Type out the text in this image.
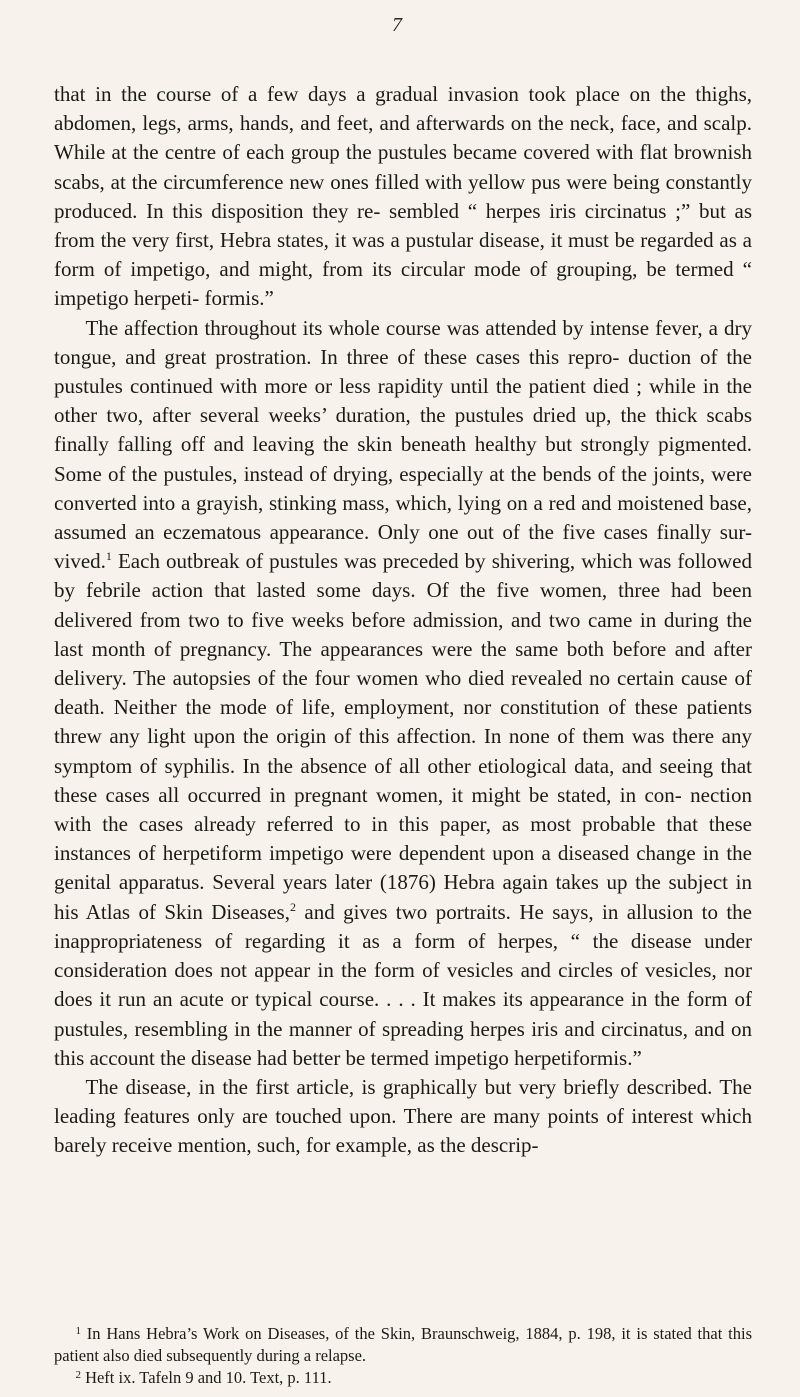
7

that in the course of a few days a gradual invasion took place on the thighs, abdomen, legs, arms, hands, and feet, and afterwards on the neck, face, and scalp. While at the centre of each group the pustules became covered with flat brownish scabs, at the circumference new ones filled with yellow pus were being constantly produced. In this disposition they re- sembled “ herpes iris circinatus ;” but as from the very first, Hebra states, it was a pustular disease, it must be regarded as a form of impetigo, and might, from its circular mode of grouping, be termed “ impetigo herpeti- formis.”

The affection throughout its whole course was attended by intense fever, a dry tongue, and great prostration. In three of these cases this repro- duction of the pustules continued with more or less rapidity until the patient died ; while in the other two, after several weeks’ duration, the pustules dried up, the thick scabs finally falling off and leaving the skin beneath healthy but strongly pigmented. Some of the pustules, instead of drying, especially at the bends of the joints, were converted into a grayish, stinking mass, which, lying on a red and moistened base, assumed an eczematous appearance. Only one out of the five cases finally sur- vived.$^1$ Each outbreak of pustules was preceded by shivering, which was followed by febrile action that lasted some days. Of the five women, three had been delivered from two to five weeks before admission, and two came in during the last month of pregnancy. The appearances were the same both before and after delivery. The autopsies of the four women who died revealed no certain cause of death. Neither the mode of life, employment, nor constitution of these patients threw any light upon the origin of this affection. In none of them was there any symptom of syphilis. In the absence of all other etiological data, and seeing that these cases all occurred in pregnant women, it might be stated, in con- nection with the cases already referred to in this paper, as most probable that these instances of herpetiform impetigo were dependent upon a diseased change in the genital apparatus. Several years later (1876) Hebra again takes up the subject in his Atlas of Skin Diseases,$^2$ and gives two portraits. He says, in allusion to the inappropriateness of regarding it as a form of herpes, “ the disease under consideration does not appear in the form of vesicles and circles of vesicles, nor does it run an acute or typical course. . . . It makes its appearance in the form of pustules, resembling in the manner of spreading herpes iris and circinatus, and on this account the disease had better be termed impetigo herpetiformis.”

The disease, in the first article, is graphically but very briefly described. The leading features only are touched upon. There are many points of interest which barely receive mention, such, for example, as the descrip-

$^1$ In Hans Hebra’s Work on Diseases, of the Skin, Braunschweig, 1884, p. 198, it is stated that this patient also died subsequently during a relapse.

$^2$ Heft ix. Tafeln 9 and 10. Text, p. 111.
